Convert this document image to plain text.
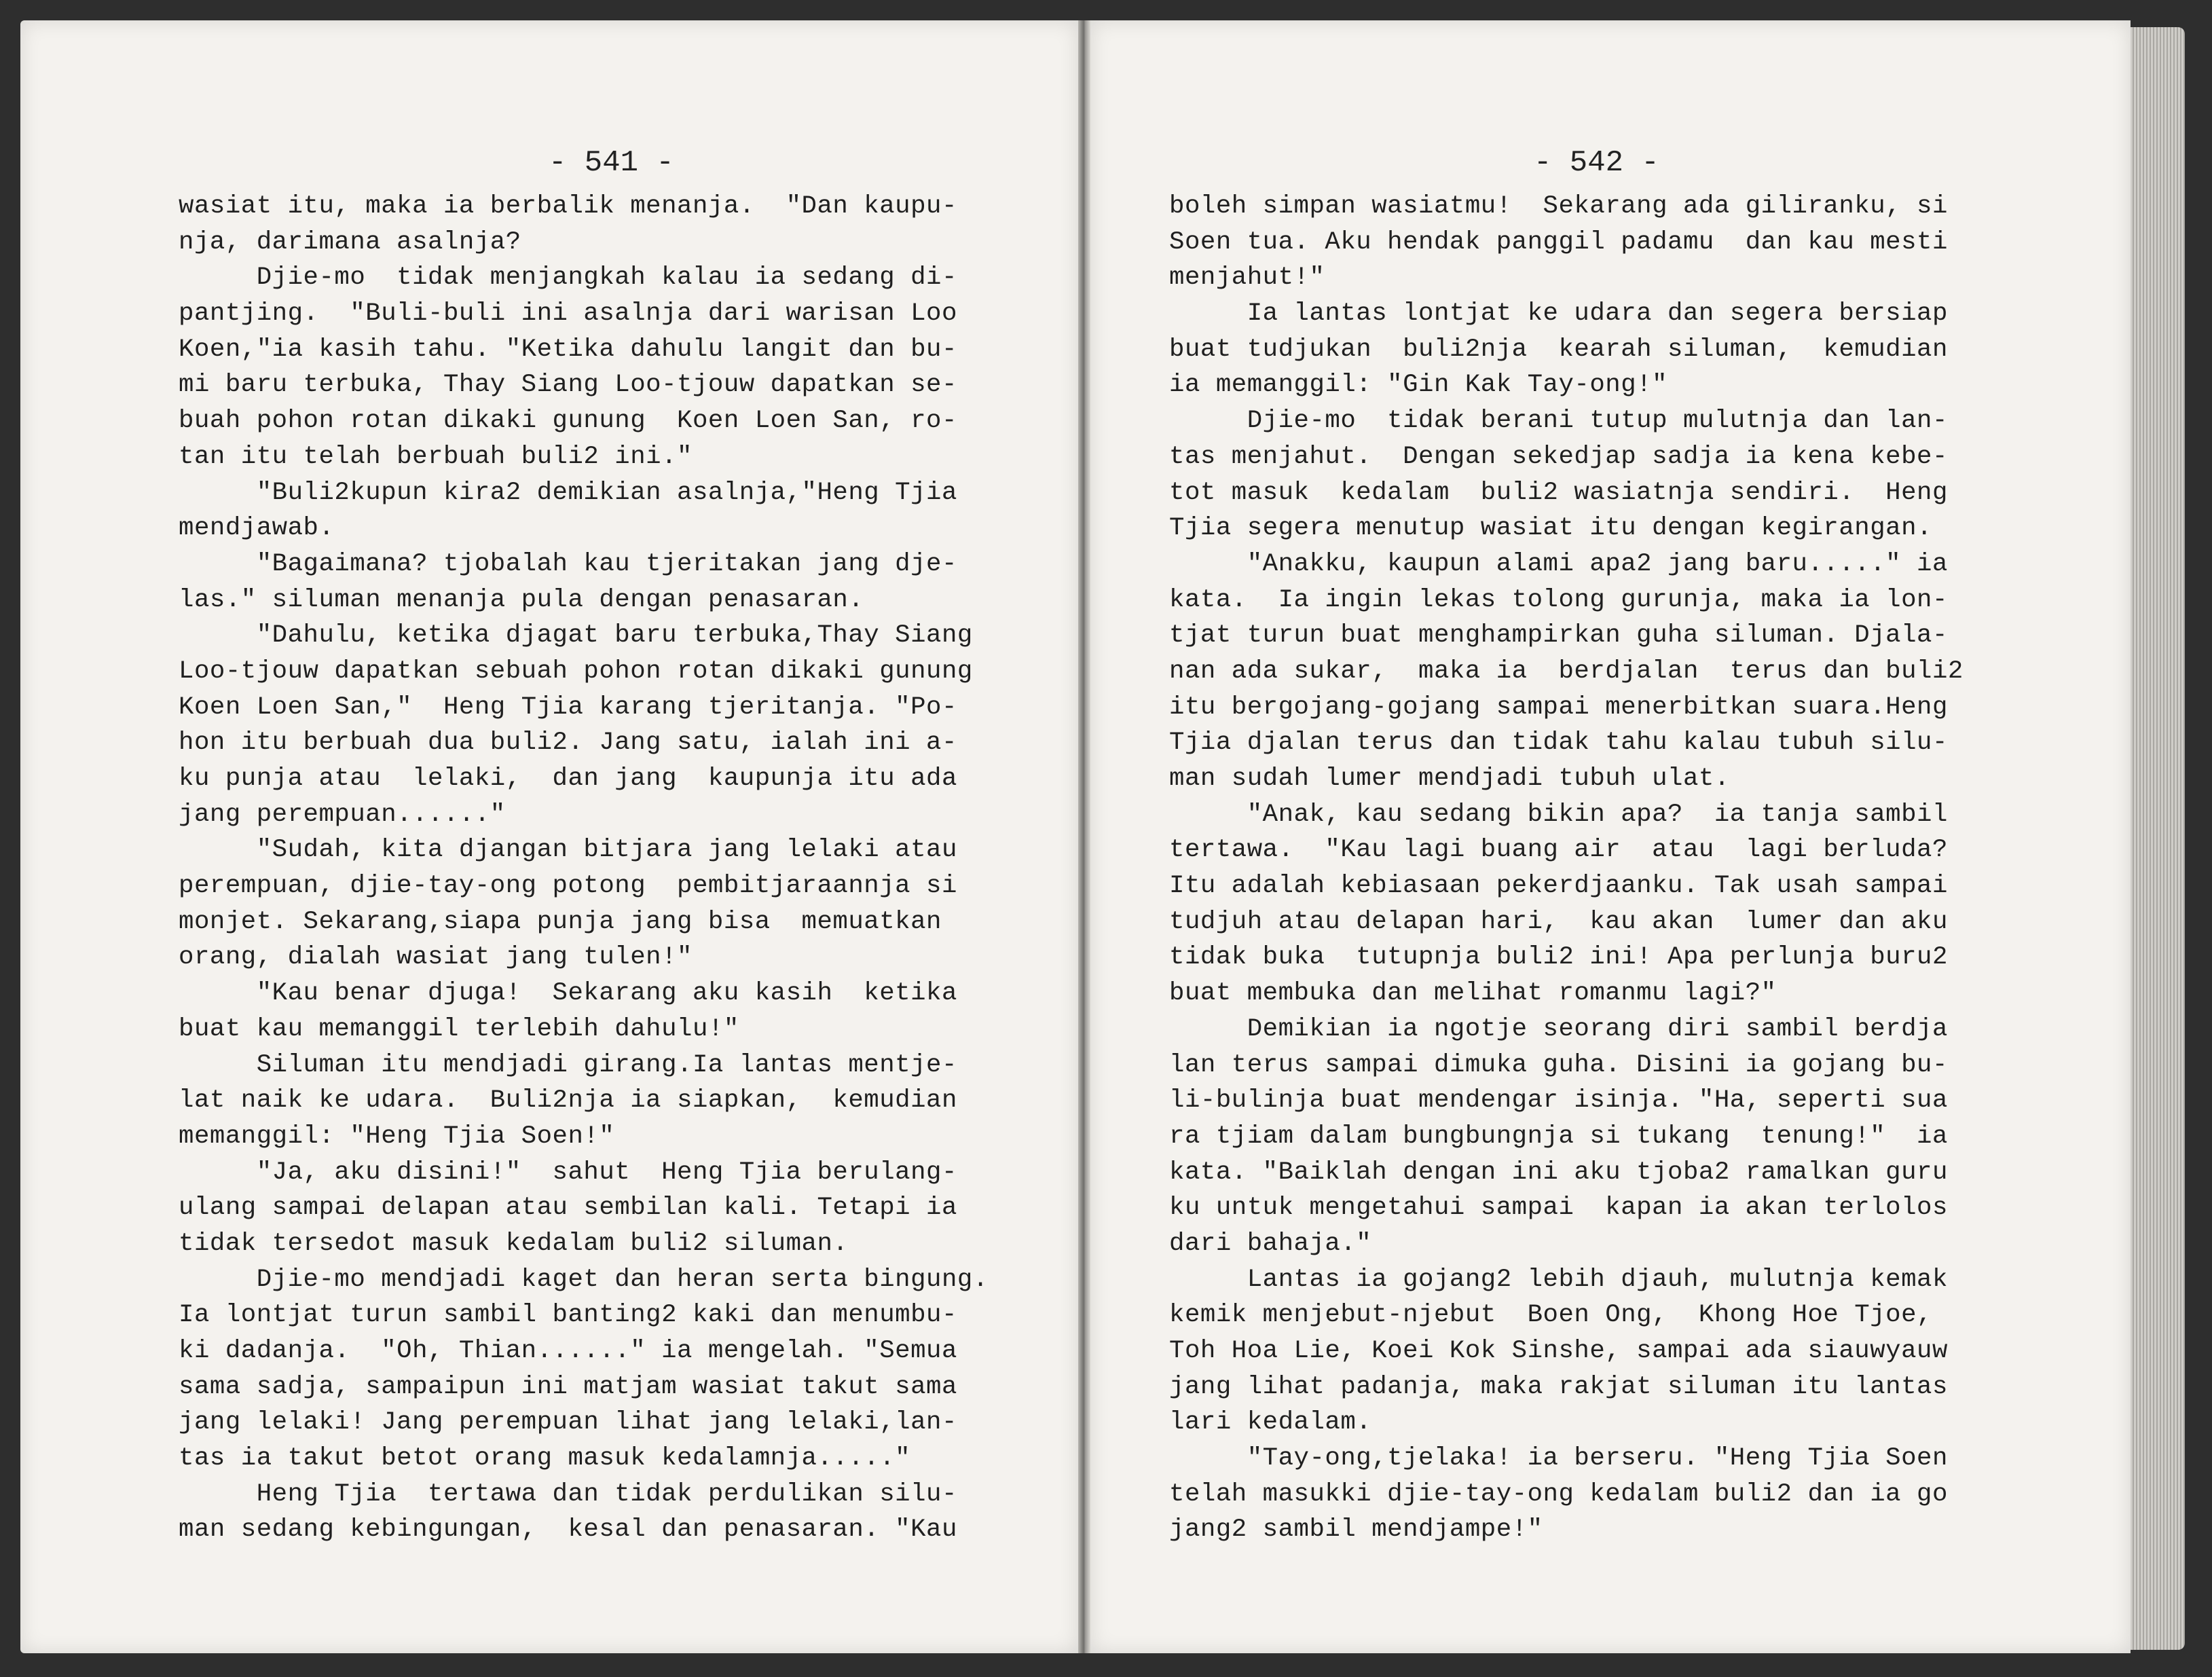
- 541 -
wasiat itu, maka ia berbalik menanja.  "Dan kaupu-
nja, darimana asalnja?
Djie-mo  tidak menjangkah kalau ia sedang di-
pantjing.  "Buli-buli ini asalnja dari warisan Loo
Koen,"ia kasih tahu. "Ketika dahulu langit dan bu-
mi baru terbuka, Thay Siang Loo-tjouw dapatkan se-
buah pohon rotan dikaki gunung  Koen Loen San, ro-
tan itu telah berbuah buli2 ini."
"Buli2kupun kira2 demikian asalnja,"Heng Tjia
mendjawab.
"Bagaimana? tjobalah kau tjeritakan jang dje-
las." siluman menanja pula dengan penasaran.
"Dahulu, ketika djagat baru terbuka,Thay Siang
Loo-tjouw dapatkan sebuah pohon rotan dikaki gunung
Koen Loen San,"  Heng Tjia karang tjeritanja. "Po-
hon itu berbuah dua buli2. Jang satu, ialah ini a-
ku punja atau  lelaki,  dan jang  kaupunja itu ada
jang perempuan......"
"Sudah, kita djangan bitjara jang lelaki atau
perempuan, djie-tay-ong potong  pembitjaraannja si
monjet. Sekarang,siapa punja jang bisa  memuatkan
orang, dialah wasiat jang tulen!"
"Kau benar djuga!  Sekarang aku kasih  ketika
buat kau memanggil terlebih dahulu!"
Siluman itu mendjadi girang.Ia lantas mentje-
lat naik ke udara.  Buli2nja ia siapkan,  kemudian
memanggil: "Heng Tjia Soen!"
"Ja, aku disini!"  sahut  Heng Tjia berulang-
ulang sampai delapan atau sembilan kali. Tetapi ia
tidak tersedot masuk kedalam buli2 siluman.
Djie-mo mendjadi kaget dan heran serta bingung.
Ia lontjat turun sambil banting2 kaki dan menumbu-
ki dadanja.  "Oh, Thian......" ia mengelah. "Semua
sama sadja, sampaipun ini matjam wasiat takut sama
jang lelaki! Jang perempuan lihat jang lelaki,lan-
tas ia takut betot orang masuk kedalamnja....."
Heng Tjia  tertawa dan tidak perdulikan silu-
man sedang kebingungan,  kesal dan penasaran. "Kau
- 542 -
boleh simpan wasiatmu!  Sekarang ada giliranku, si
Soen tua. Aku hendak panggil padamu  dan kau mesti
menjahut!"
Ia lantas lontjat ke udara dan segera bersiap
buat tudjukan  buli2nja  kearah siluman,  kemudian
ia memanggil: "Gin Kak Tay-ong!"
Djie-mo  tidak berani tutup mulutnja dan lan-
tas menjahut.  Dengan sekedjap sadja ia kena kebe-
tot masuk  kedalam  buli2 wasiatnja sendiri.  Heng
Tjia segera menutup wasiat itu dengan kegirangan.
"Anakku, kaupun alami apa2 jang baru....." ia
kata.  Ia ingin lekas tolong gurunja, maka ia lon-
tjat turun buat menghampirkan guha siluman. Djala-
nan ada sukar,  maka ia  berdjalan  terus dan buli2
itu bergojang-gojang sampai menerbitkan suara.Heng
Tjia djalan terus dan tidak tahu kalau tubuh silu-
man sudah lumer mendjadi tubuh ulat.
"Anak, kau sedang bikin apa?  ia tanja sambil
tertawa.  "Kau lagi buang air  atau  lagi berluda?
Itu adalah kebiasaan pekerdjaanku. Tak usah sampai
tudjuh atau delapan hari,  kau akan  lumer dan aku
tidak buka  tutupnja buli2 ini! Apa perlunja buru2
buat membuka dan melihat romanmu lagi?"
Demikian ia ngotje seorang diri sambil berdja
lan terus sampai dimuka guha. Disini ia gojang bu-
li-bulinja buat mendengar isinja. "Ha, seperti sua
ra tjiam dalam bungbungnja si tukang  tenung!"  ia
kata. "Baiklah dengan ini aku tjoba2 ramalkan guru
ku untuk mengetahui sampai  kapan ia akan terlolos
dari bahaja."
Lantas ia gojang2 lebih djauh, mulutnja kemak
kemik menjebut-njebut  Boen Ong,  Khong Hoe Tjoe,
Toh Hoa Lie, Koei Kok Sinshe, sampai ada siauwyauw
jang lihat padanja, maka rakjat siluman itu lantas
lari kedalam.
"Tay-ong,tjelaka! ia berseru. "Heng Tjia Soen
telah masukki djie-tay-ong kedalam buli2 dan ia go
jang2 sambil mendjampe!"
